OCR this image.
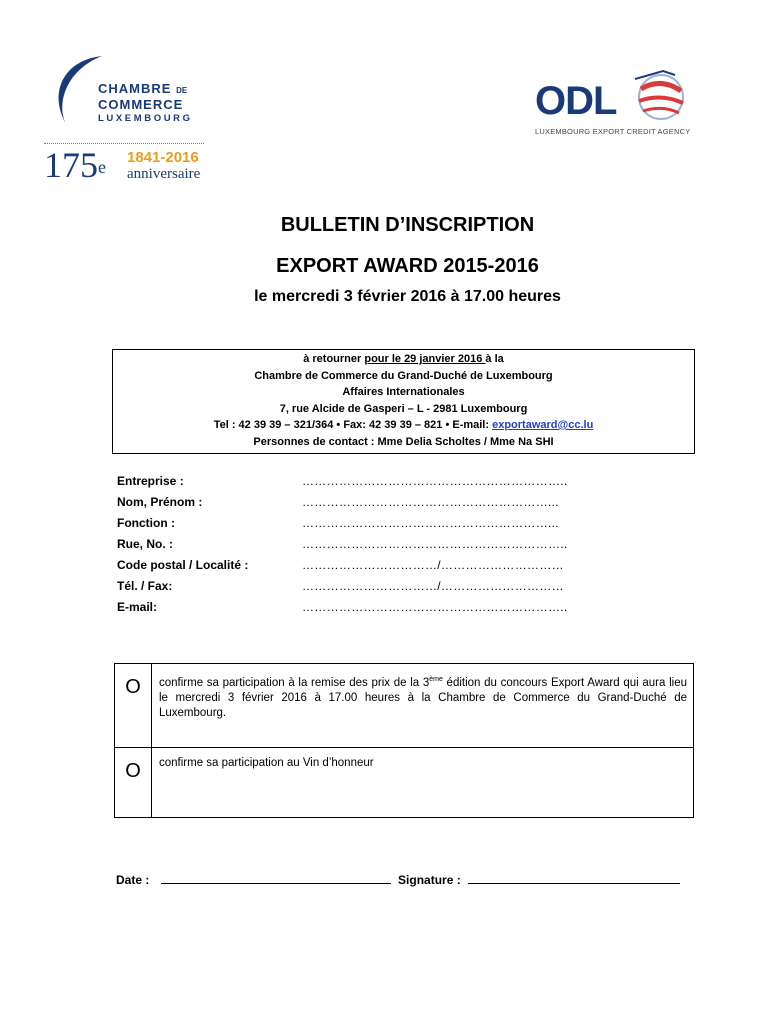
CHAMBRE DE
COMMERCE
LUXEMBOURG
175e 1841-2016
anniversaire
ODL
LUXEMBOURG EXPORT CREDIT AGENCY
BULLETIN D’INSCRIPTION
EXPORT AWARD 2015-2016
le mercredi 3 février 2016 à 17.00 heures
à retourner pour le 29 janvier 2016 à la
Chambre de Commerce du Grand-Duché de Luxembourg
Affaires Internationales
7, rue Alcide de Gasperi – L - 2981 Luxembourg
Tel : 42 39 39 – 321/364 • Fax: 42 39 39 – 821 • E-mail: exportaward@cc.lu
Personnes de contact : Mme Delia Scholtes / Mme Na SHI
Entreprise :	………………………………………………………..
Nom, Prénom :	……………………………………………………...
Fonction :	……………………………………………………...
Rue, No. :	………………………………………………………..
Code postal / Localité :	……………………………/…………………………
Tél. / Fax:	……………………………/…………………………
E-mail:	………………………………………………………..
O	confirme sa participation à la remise des prix de la 3ème édition du concours Export Award qui aura lieu le mercredi 3 février 2016 à 17.00 heures à la Chambre de Commerce du Grand-Duché de Luxembourg.
O	confirme sa participation au Vin d’honneur
Date :	Signature :
